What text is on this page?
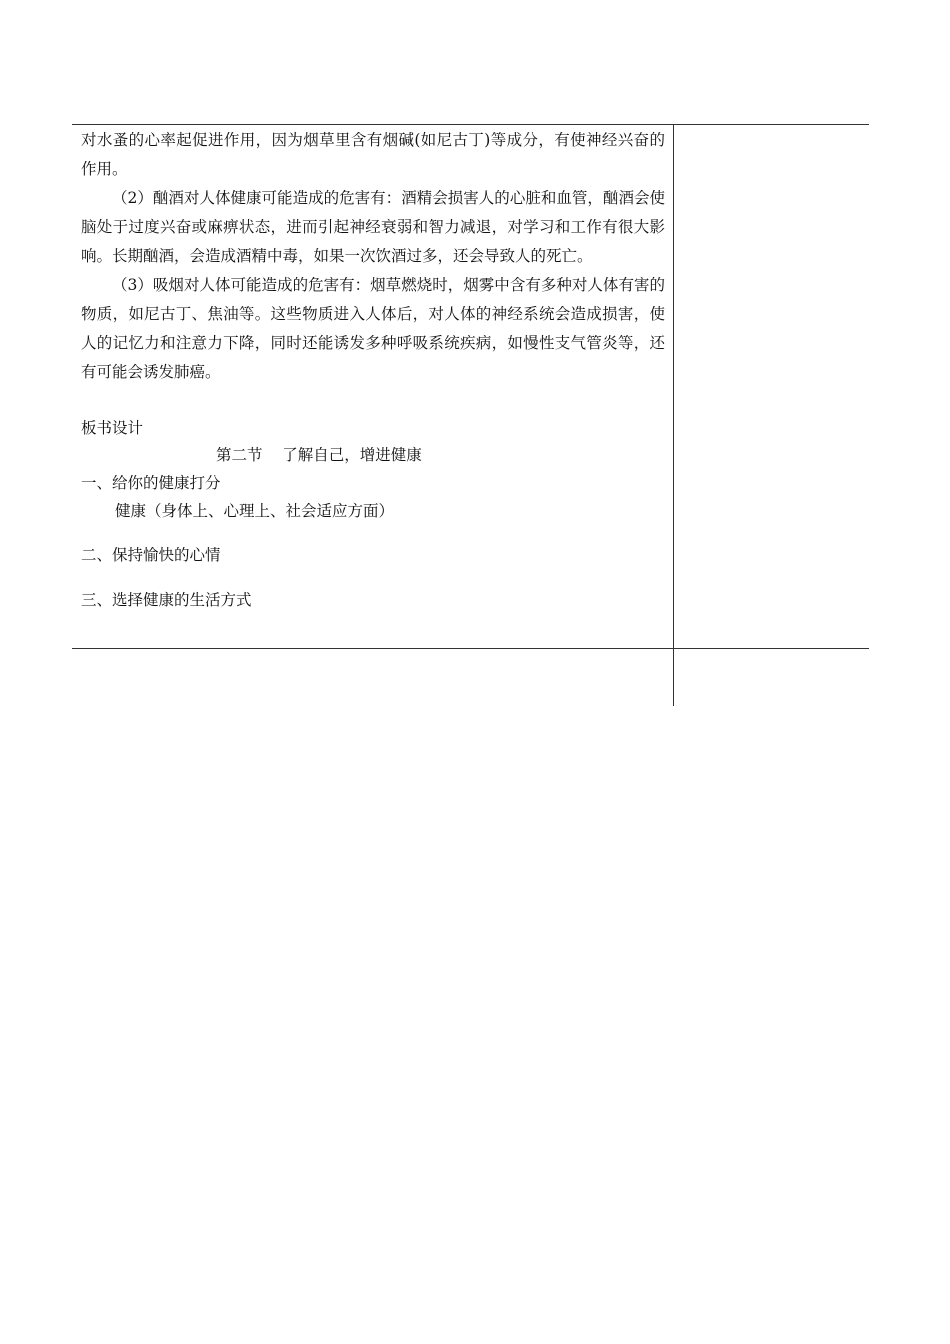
对水蚤的心率起促进作用，因为烟草里含有烟碱(如尼古丁)等成分，有使神经兴奋的作用。

（2）酗酒对人体健康可能造成的危害有：酒精会损害人的心脏和血管，酗酒会使脑处于过度兴奋或麻痹状态，进而引起神经衰弱和智力减退，对学习和工作有很大影响。长期酗酒，会造成酒精中毒，如果一次饮酒过多，还会导致人的死亡。

（3）吸烟对人体可能造成的危害有：烟草燃烧时，烟雾中含有多种对人体有害的物质，如尼古丁、焦油等。这些物质进入人体后，对人体的神经系统会造成损害，使人的记忆力和注意力下降，同时还能诱发多种呼吸系统疾病，如慢性支气管炎等，还有可能会诱发肺癌。

板书设计

第二节    了解自己，增进健康

一、给你的健康打分

健康（身体上、心理上、社会适应方面）

二、保持愉快的心情

三、选择健康的生活方式
